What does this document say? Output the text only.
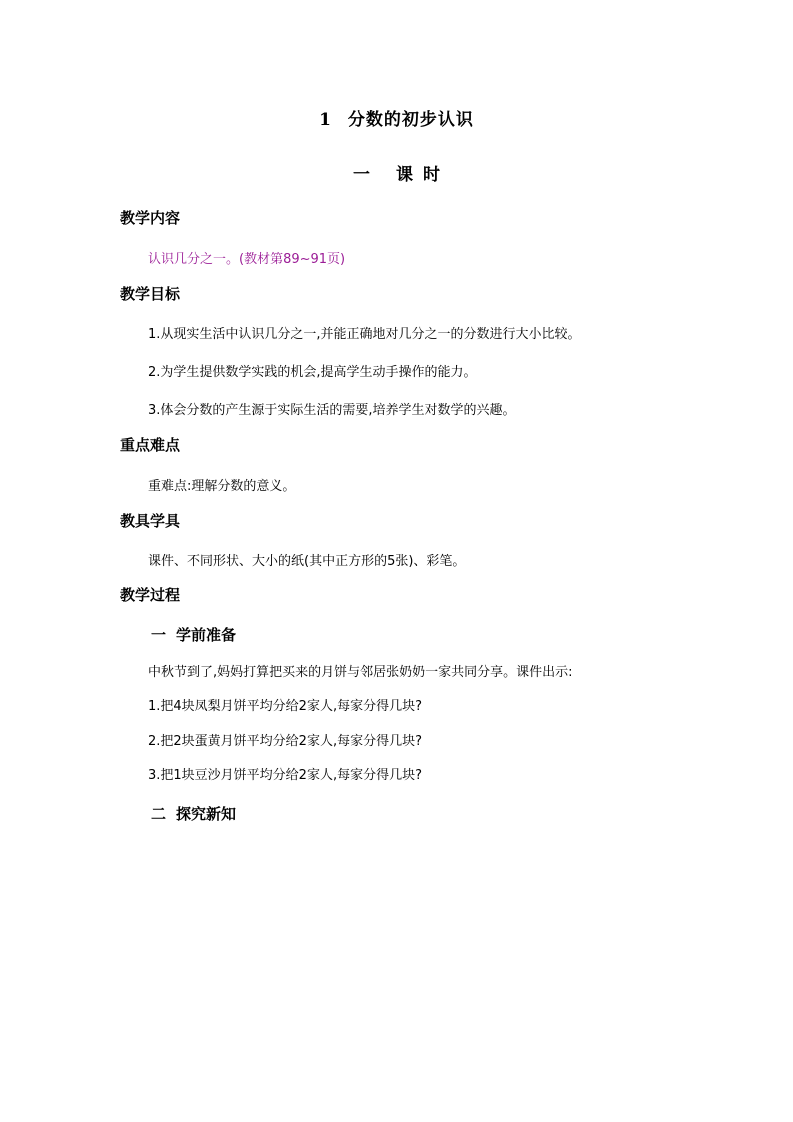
1 分数的初步认识
一 课 时
教学内容
认识几分之一。(教材第89~91页)
教学目标
1.从现实生活中认识几分之一,并能正确地对几分之一的分数进行大小比较。
2.为学生提供数学实践的机会,提高学生动手操作的能力。
3.体会分数的产生源于实际生活的需要,培养学生对数学的兴趣。
重点难点
重难点:理解分数的意义。
教具学具
课件、不同形状、大小的纸(其中正方形的5张)、彩笔。
教学过程
一 学前准备
中秋节到了,妈妈打算把买来的月饼与邻居张奶奶一家共同分享。课件出示:
1.把4块凤梨月饼平均分给2家人,每家分得几块?
2.把2块蛋黄月饼平均分给2家人,每家分得几块?
3.把1块豆沙月饼平均分给2家人,每家分得几块?
二 探究新知
